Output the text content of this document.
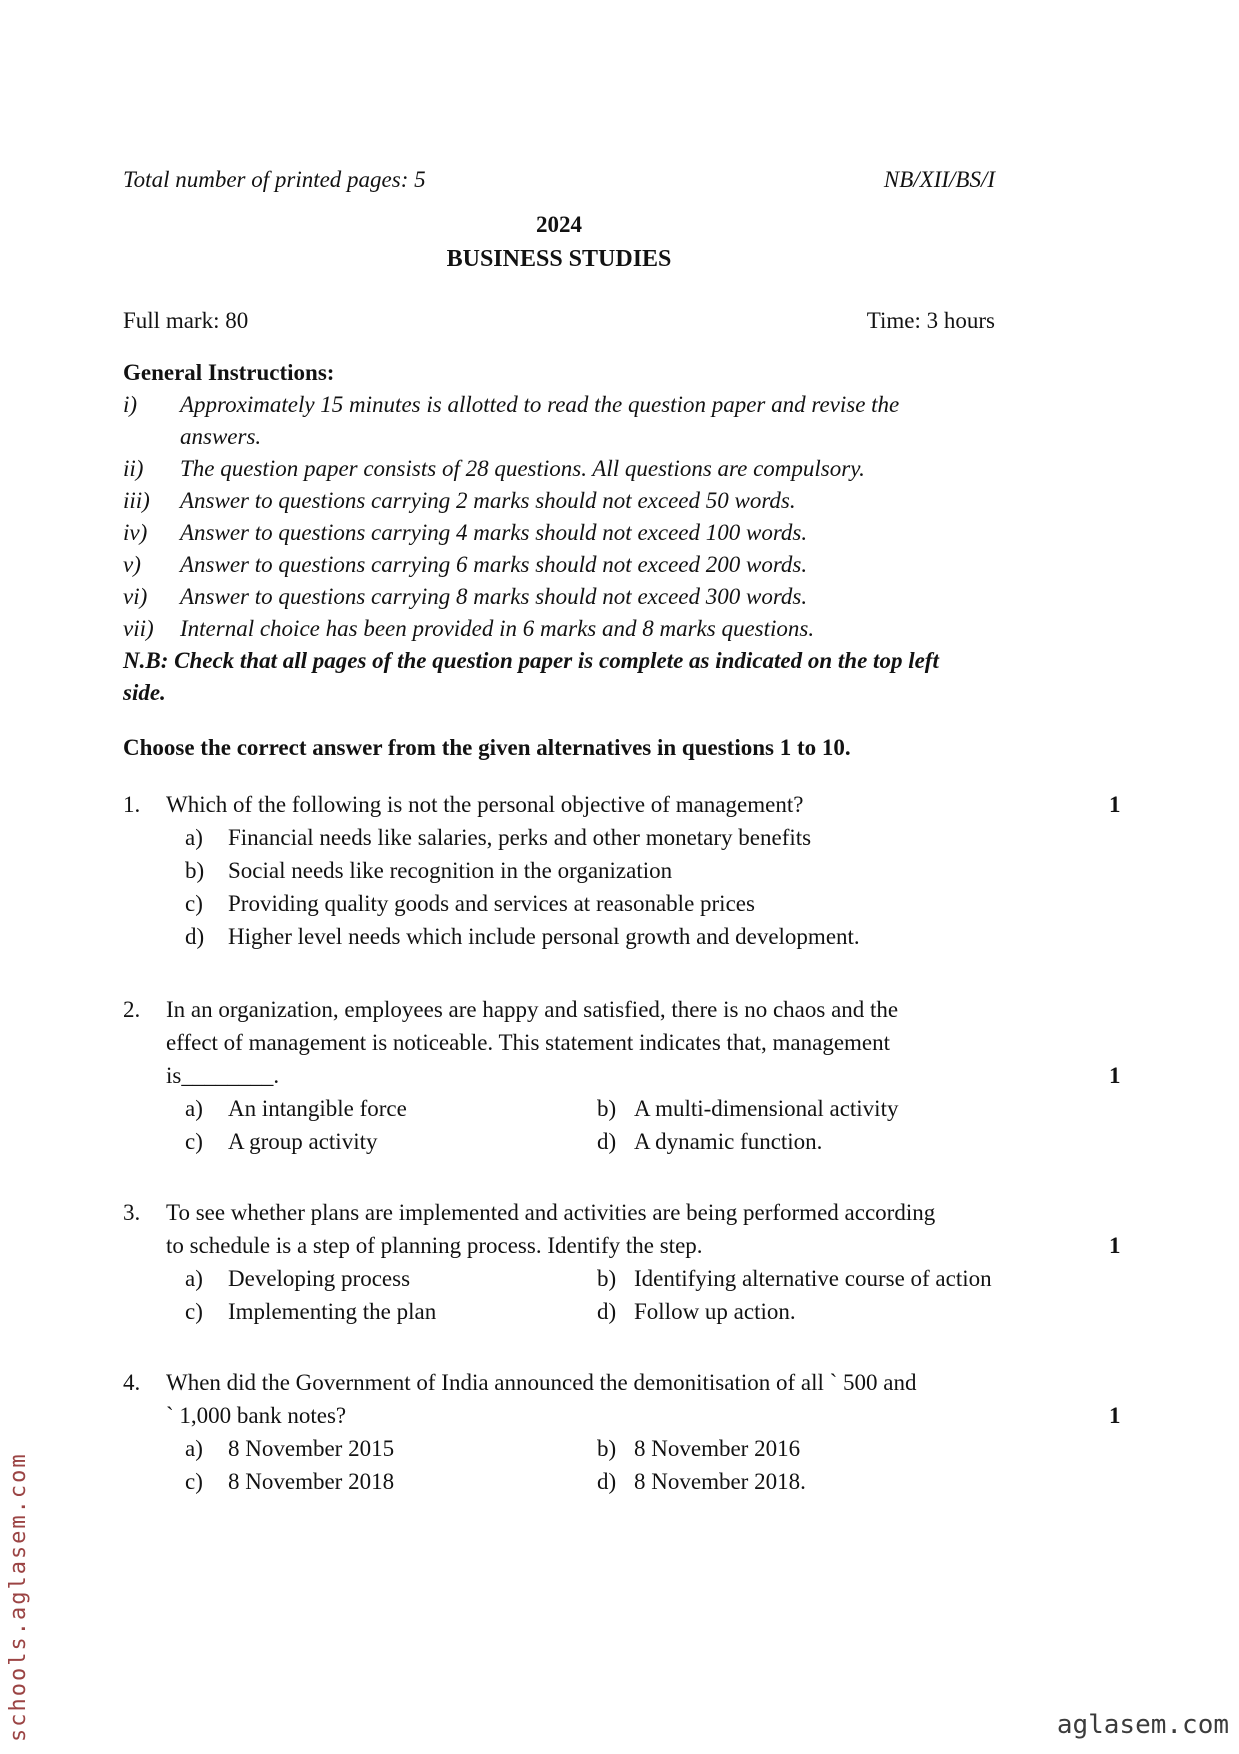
Total number of printed pages: 5	NB/XII/BS/I
2024
BUSINESS STUDIES
Full mark: 80	Time: 3 hours
General Instructions:
i)	Approximately 15 minutes is allotted to read the question paper and revise the
answers.
ii)	The question paper consists of 28 questions. All questions are compulsory.
iii)	Answer to questions carrying 2 marks should not exceed 50 words.
iv)	Answer to questions carrying 4 marks should not exceed 100 words.
v)	Answer to questions carrying 6 marks should not exceed 200 words.
vi)	Answer to questions carrying 8 marks should not exceed 300 words.
vii)	Internal choice has been provided in 6 marks and 8 marks questions.
N.B: Check that all pages of the question paper is complete as indicated on the top left
side.
Choose the correct answer from the given alternatives in questions 1 to 10.
1.	Which of the following is not the personal objective of management?
a)	Financial needs like salaries, perks and other monetary benefits
b)	Social needs like recognition in the organization
c)	Providing quality goods and services at reasonable prices
d)	Higher level needs which include personal growth and development.
1
2.	In an organization, employees are happy and satisfied, there is no chaos and the
effect of management is noticeable. This statement indicates that, management
is________.
a)	An intangible force	b) A multi-dimensional activity
c)	A group activity	d) A dynamic function.
1
3.	To see whether plans are implemented and activities are being performed according
to schedule is a step of planning process. Identify the step.
a)	Developing process	b) Identifying alternative course of action
c)	Implementing the plan	d) Follow up action.
1
4.	When did the Government of India announced the demonitisation of all ` 500 and
` 1,000 bank notes?
a)	8 November 2015	b) 8 November 2016
c)	8 November 2018	d) 8 November 2018.
1
schools.aglasem.com	aglasem.com
